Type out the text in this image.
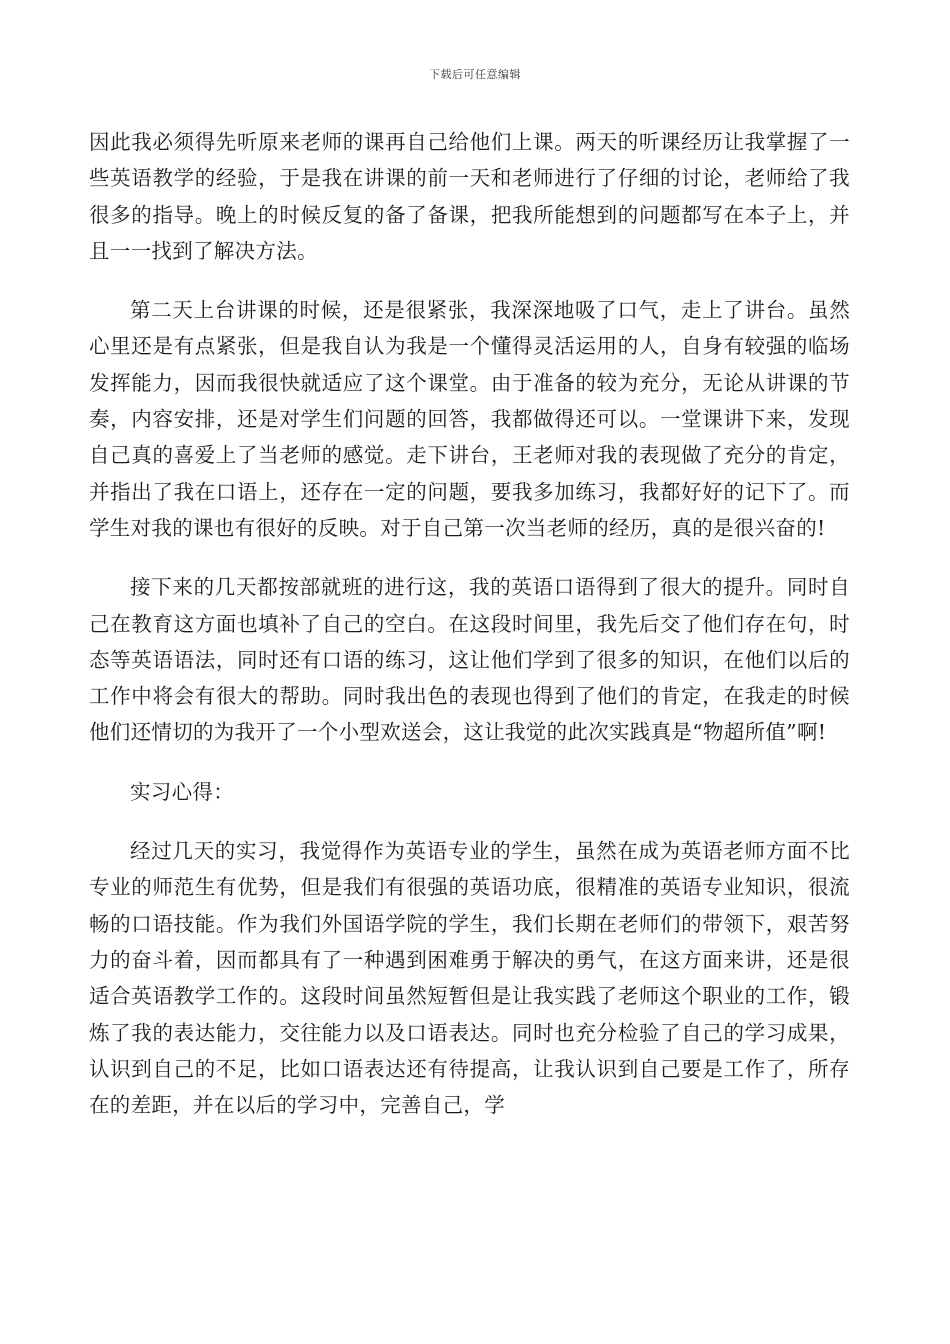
下载后可任意编辑

因此我必须得先听原来老师的课再自己给他们上课。两天的听课经历让我掌握了一些英语教学的经验，于是我在讲课的前一天和老师进行了仔细的讨论，老师给了我很多的指导。晚上的时候反复的备了备课，把我所能想到的问题都写在本子上，并且一一找到了解决方法。

第二天上台讲课的时候，还是很紧张，我深深地吸了口气，走上了讲台。虽然心里还是有点紧张，但是我自认为我是一个懂得灵活运用的人，自身有较强的临场发挥能力，因而我很快就适应了这个课堂。由于准备的较为充分，无论从讲课的节奏，内容安排，还是对学生们问题的回答，我都做得还可以。一堂课讲下来，发现自己真的喜爱上了当老师的感觉。走下讲台，王老师对我的表现做了充分的肯定，并指出了我在口语上，还存在一定的问题，要我多加练习，我都好好的记下了。而学生对我的课也有很好的反映。对于自己第一次当老师的经历，真的是很兴奋的!

接下来的几天都按部就班的进行这，我的英语口语得到了很大的提升。同时自己在教育这方面也填补了自己的空白。在这段时间里，我先后交了他们存在句，时态等英语语法，同时还有口语的练习，这让他们学到了很多的知识，在他们以后的工作中将会有很大的帮助。同时我出色的表现也得到了他们的肯定，在我走的时候他们还情切的为我开了一个小型欢送会，这让我觉的此次实践真是“物超所值”啊!

实习心得：

经过几天的实习，我觉得作为英语专业的学生，虽然在成为英语老师方面不比专业的师范生有优势，但是我们有很强的英语功底，很精准的英语专业知识，很流畅的口语技能。作为我们外国语学院的学生，我们长期在老师们的带领下，艰苦努力的奋斗着，因而都具有了一种遇到困难勇于解决的勇气，在这方面来讲，还是很适合英语教学工作的。这段时间虽然短暂但是让我实践了老师这个职业的工作，锻炼了我的表达能力，交往能力以及口语表达。同时也充分检验了自己的学习成果，认识到自己的不足，比如口语表达还有待提高，让我认识到自己要是工作了，所存在的差距，并在以后的学习中，完善自己，学
